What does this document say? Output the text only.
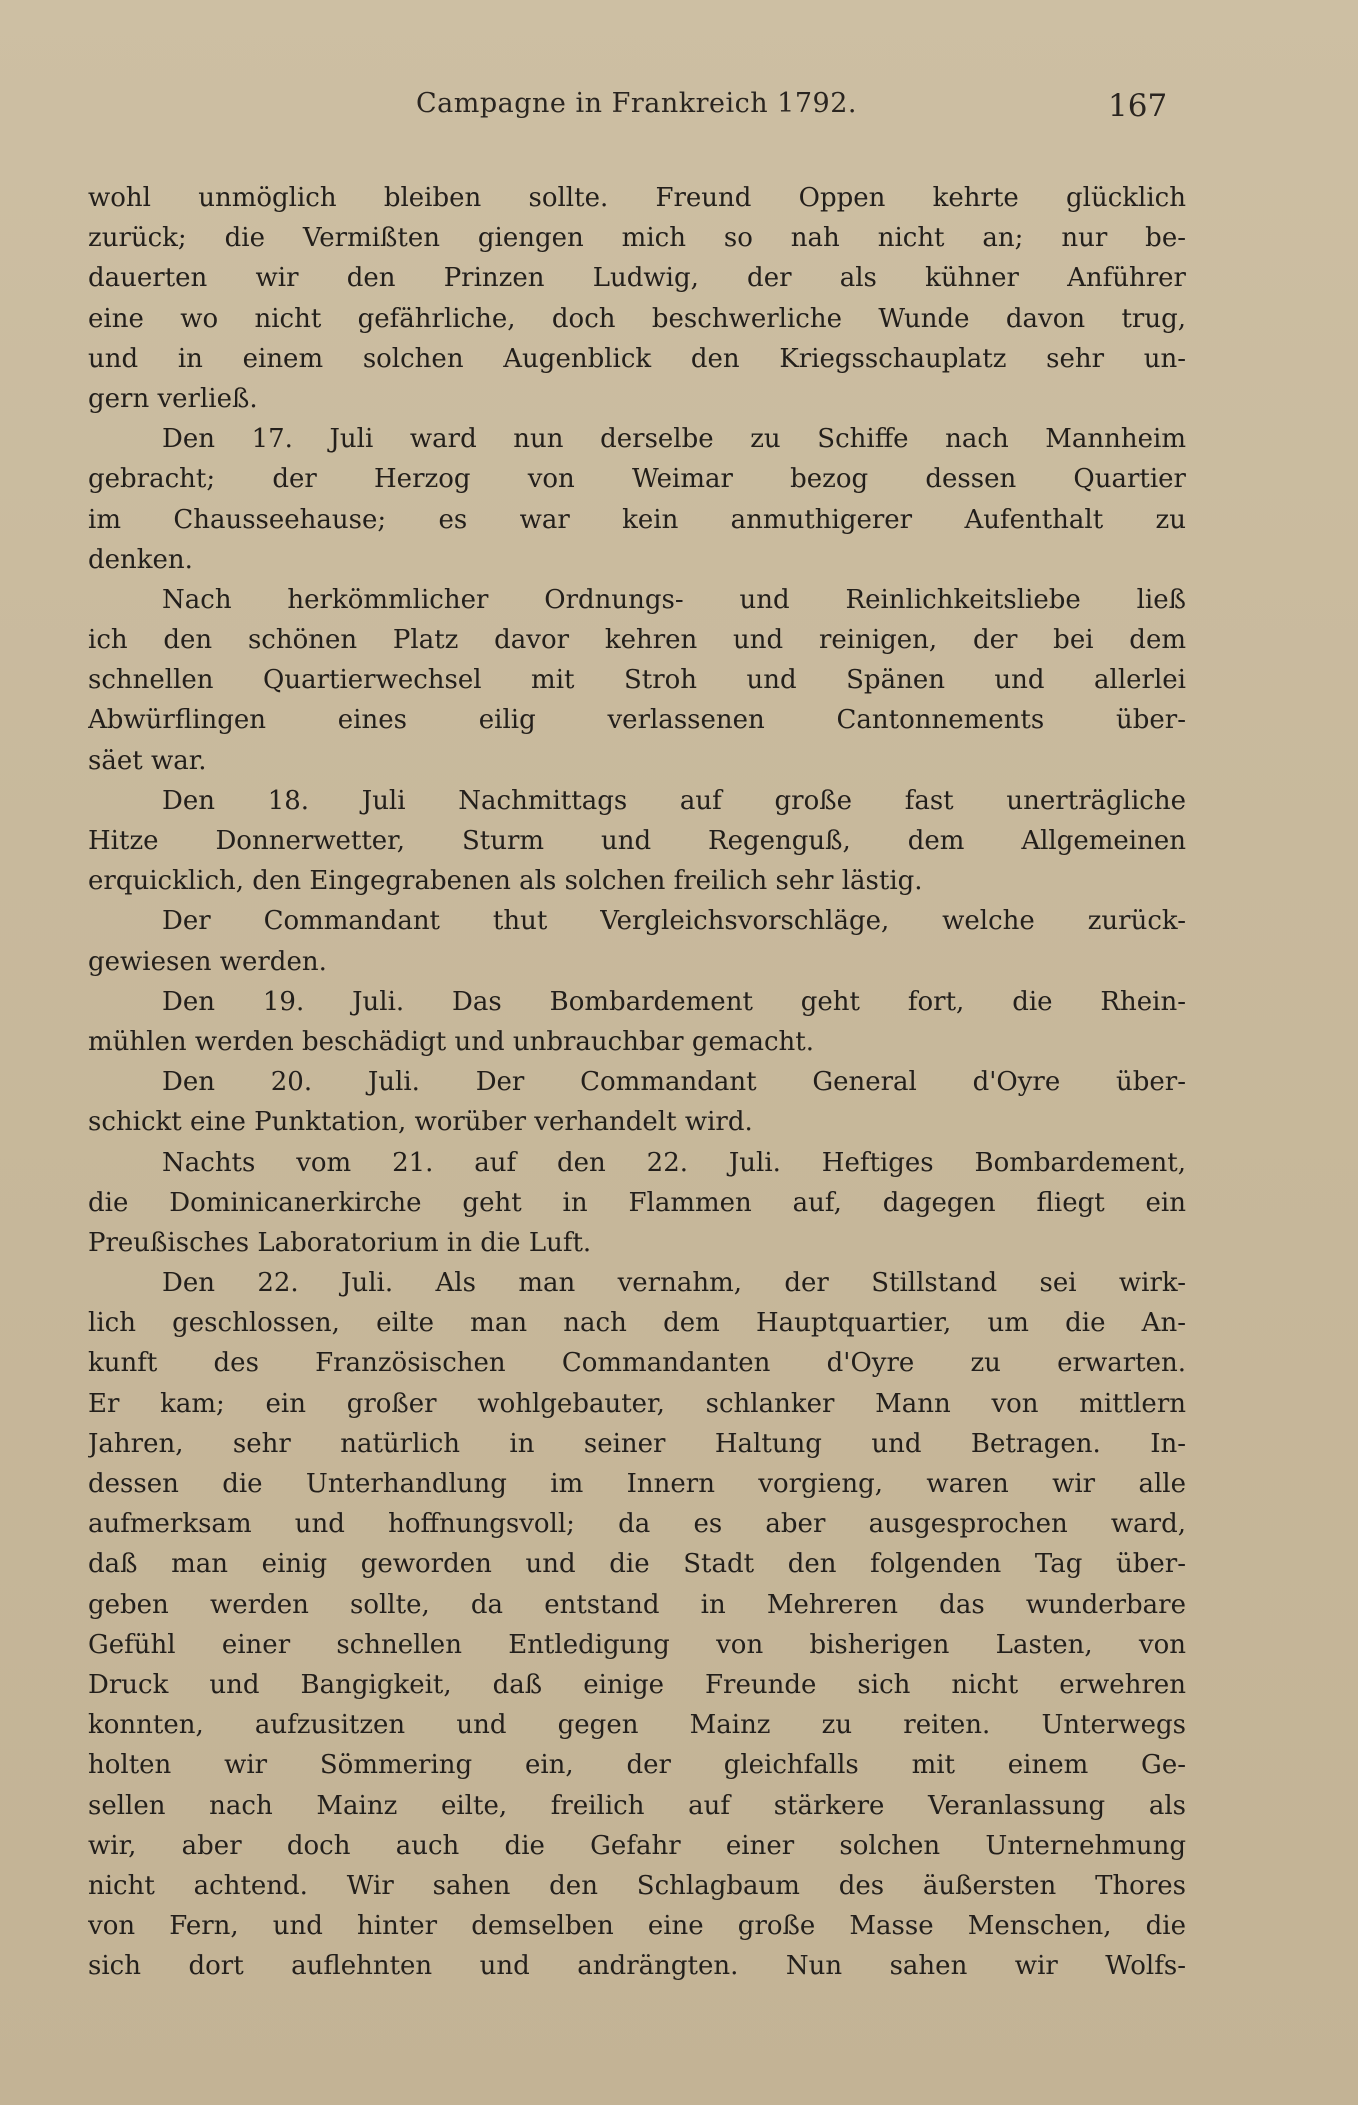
Campagne in Frankreich 1792.	167
wohl unmöglich bleiben sollte. Freund Oppen kehrte glücklich
zurück; die Vermißten giengen mich so nah nicht an; nur be-
dauerten wir den Prinzen Ludwig, der als kühner Anführer
eine wo nicht gefährliche, doch beschwerliche Wunde davon trug,
und in einem solchen Augenblick den Kriegsschauplatz sehr un-
gern verließ.
Den 17. Juli ward nun derselbe zu Schiffe nach Mannheim
gebracht; der Herzog von Weimar bezog dessen Quartier
im Chausseehause; es war kein anmuthigerer Aufenthalt zu
denken.
Nach herkömmlicher Ordnungs- und Reinlichkeitsliebe ließ
ich den schönen Platz davor kehren und reinigen, der bei dem
schnellen Quartierwechsel mit Stroh und Spänen und allerlei
Abwürflingen eines eilig verlassenen Cantonnements über-
säet war.
Den 18. Juli Nachmittags auf große fast unerträgliche
Hitze Donnerwetter, Sturm und Regenguß, dem Allgemeinen
erquicklich, den Eingegrabenen als solchen freilich sehr lästig.
Der Commandant thut Vergleichsvorschläge, welche zurück-
gewiesen werden.
Den 19. Juli. Das Bombardement geht fort, die Rhein-
mühlen werden beschädigt und unbrauchbar gemacht.
Den 20. Juli. Der Commandant General d'Oyre über-
schickt eine Punktation, worüber verhandelt wird.
Nachts vom 21. auf den 22. Juli. Heftiges Bombardement,
die Dominicanerkirche geht in Flammen auf, dagegen fliegt ein
Preußisches Laboratorium in die Luft.
Den 22. Juli. Als man vernahm, der Stillstand sei wirk-
lich geschlossen, eilte man nach dem Hauptquartier, um die An-
kunft des Französischen Commandanten d'Oyre zu erwarten.
Er kam; ein großer wohlgebauter, schlanker Mann von mittlern
Jahren, sehr natürlich in seiner Haltung und Betragen. In-
dessen die Unterhandlung im Innern vorgieng, waren wir alle
aufmerksam und hoffnungsvoll; da es aber ausgesprochen ward,
daß man einig geworden und die Stadt den folgenden Tag über-
geben werden sollte, da entstand in Mehreren das wunderbare
Gefühl einer schnellen Entledigung von bisherigen Lasten, von
Druck und Bangigkeit, daß einige Freunde sich nicht erwehren
konnten, aufzusitzen und gegen Mainz zu reiten. Unterwegs
holten wir Sömmering ein, der gleichfalls mit einem Ge-
sellen nach Mainz eilte, freilich auf stärkere Veranlassung als
wir, aber doch auch die Gefahr einer solchen Unternehmung
nicht achtend. Wir sahen den Schlagbaum des äußersten Thores
von Fern, und hinter demselben eine große Masse Menschen, die
sich dort auflehnten und andrängten. Nun sahen wir Wolfs-
